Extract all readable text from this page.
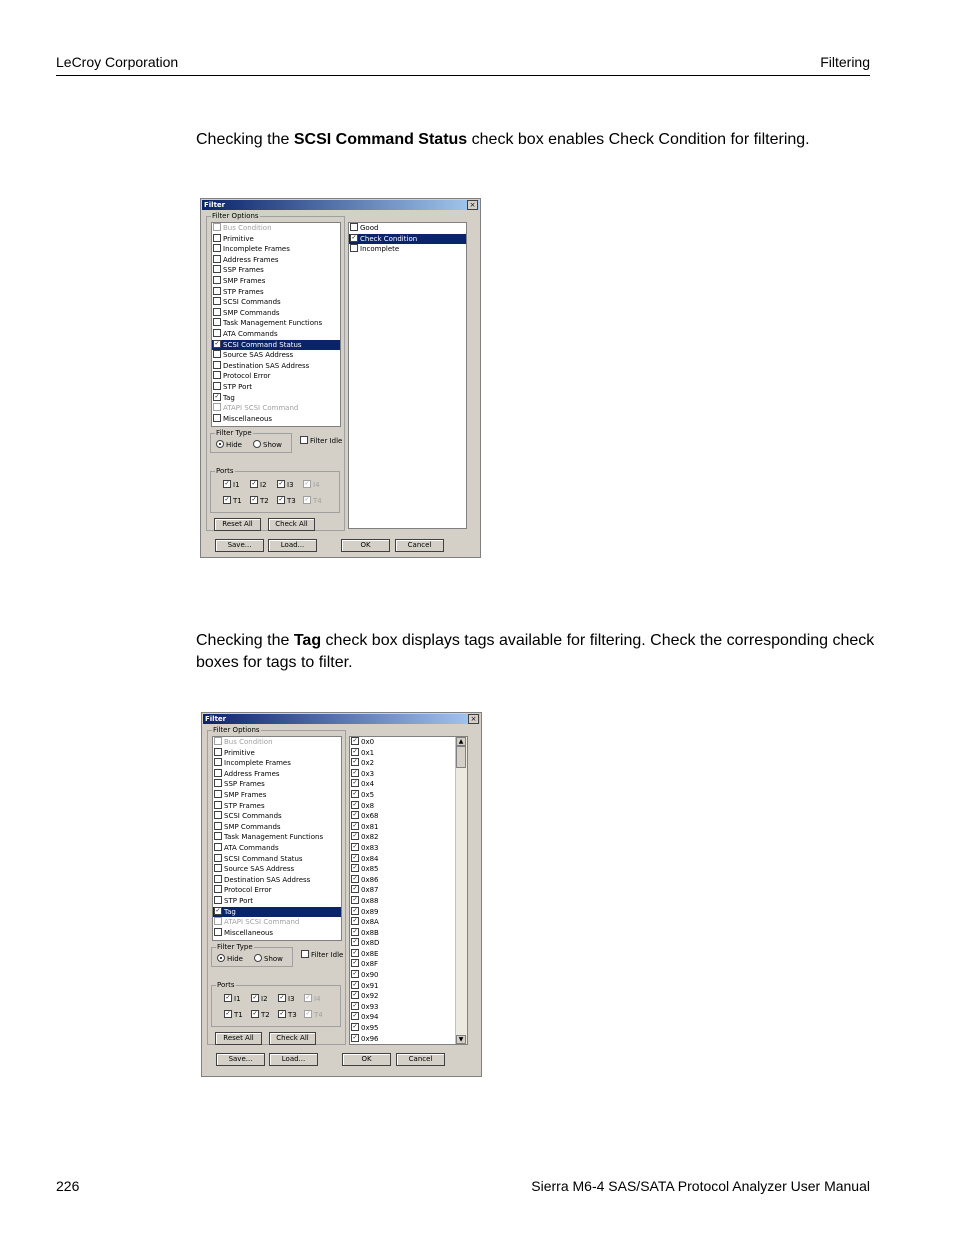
LeCroy Corporation	Filtering

Checking the SCSI Command Status check box enables Check Condition for filtering.

Filter	×
Filter Options
Bus Condition
Primitive
Incomplete Frames
Address Frames
SSP Frames
SMP Frames
STP Frames
SCSI Commands
SMP Commands
Task Management Functions
ATA Commands
✓ SCSI Command Status
Source SAS Address
Destination SAS Address
Protocol Error
STP Port
✓ Tag
ATAPI SCSI Command
Miscellaneous
Filter Type
Hide	Show	Filter Idle
Ports
✓ I1 ✓ I2 ✓ I3 ✓ I4
✓ T1 ✓ T2 ✓ T3 ✓ T4
Reset All	Check All
Good
✓ Check Condition
Incomplete
Save...	Load...	OK	Cancel

Checking the Tag check box displays tags available for filtering. Check the corresponding check boxes for tags to filter.

Filter	×
Filter Options
Bus Condition
Primitive
Incomplete Frames
Address Frames
SSP Frames
SMP Frames
STP Frames
SCSI Commands
SMP Commands
Task Management Functions
ATA Commands
SCSI Command Status
Source SAS Address
Destination SAS Address
Protocol Error
STP Port
✓ Tag
ATAPI SCSI Command
Miscellaneous
Filter Type
Hide	Show	Filter Idle
Ports
✓ I1 ✓ I2 ✓ I3 ✓ I4
✓ T1 ✓ T2 ✓ T3 ✓ T4
Reset All	Check All
✓ 0x0
✓ 0x1
✓ 0x2
✓ 0x3
✓ 0x4
✓ 0x5
✓ 0x8
✓ 0x68
✓ 0x81
✓ 0x82
✓ 0x83
✓ 0x84
✓ 0x85
✓ 0x86
✓ 0x87
✓ 0x88
✓ 0x89
✓ 0x8A
✓ 0x8B
✓ 0x8D
✓ 0x8E
✓ 0x8F
✓ 0x90
✓ 0x91
✓ 0x92
✓ 0x93
✓ 0x94
✓ 0x95
✓ 0x96
▲
▼
Save...	Load...	OK	Cancel
226	Sierra M6-4 SAS/SATA Protocol Analyzer User Manual
